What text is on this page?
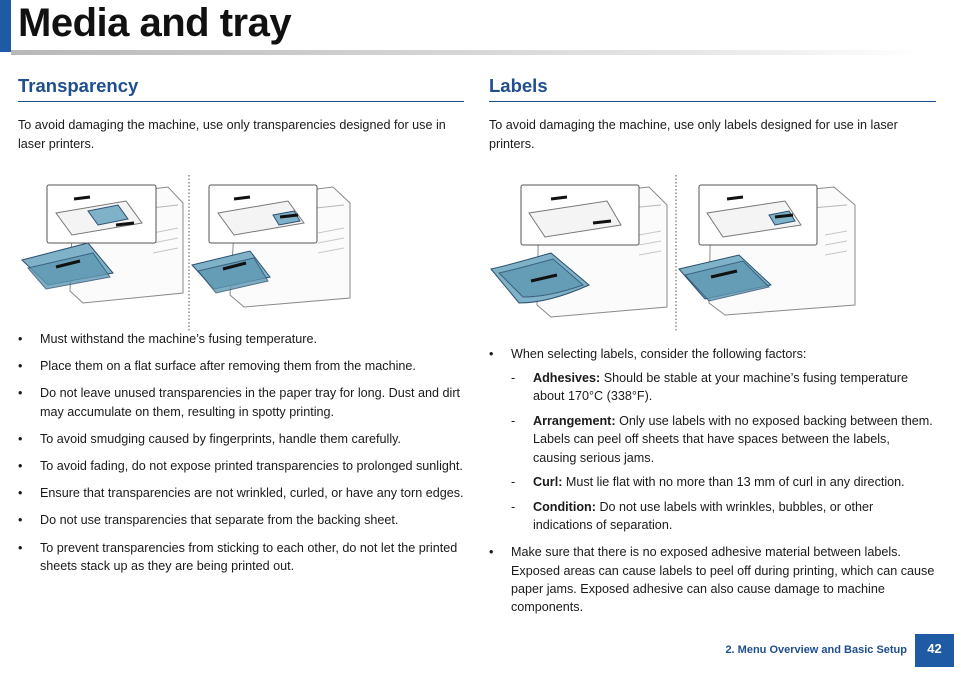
Media and tray
Transparency

To avoid damaging the machine, use only transparencies designed for use in laser printers.

• Must withstand the machine’s fusing temperature.
• Place them on a flat surface after removing them from the machine.
• Do not leave unused transparencies in the paper tray for long. Dust and dirt may accumulate on them, resulting in spotty printing.
• To avoid smudging caused by fingerprints, handle them carefully.
• To avoid fading, do not expose printed transparencies to prolonged sunlight.
• Ensure that transparencies are not wrinkled, curled, or have any torn edges.
• Do not use transparencies that separate from the backing sheet.
• To prevent transparencies from sticking to each other, do not let the printed sheets stack up as they are being printed out.
Labels

To avoid damaging the machine, use only labels designed for use in laser printers.

• When selecting labels, consider the following factors:
- Adhesives: Should be stable at your machine’s fusing temperature about 170°C (338°F).
- Arrangement: Only use labels with no exposed backing between them. Labels can peel off sheets that have spaces between the labels, causing serious jams.
- Curl: Must lie flat with no more than 13 mm of curl in any direction.
- Condition: Do not use labels with wrinkles, bubbles, or other indications of separation.
• Make sure that there is no exposed adhesive material between labels. Exposed areas can cause labels to peel off during printing, which can cause paper jams. Exposed adhesive can also cause damage to machine components.
2. Menu Overview and Basic Setup	42
